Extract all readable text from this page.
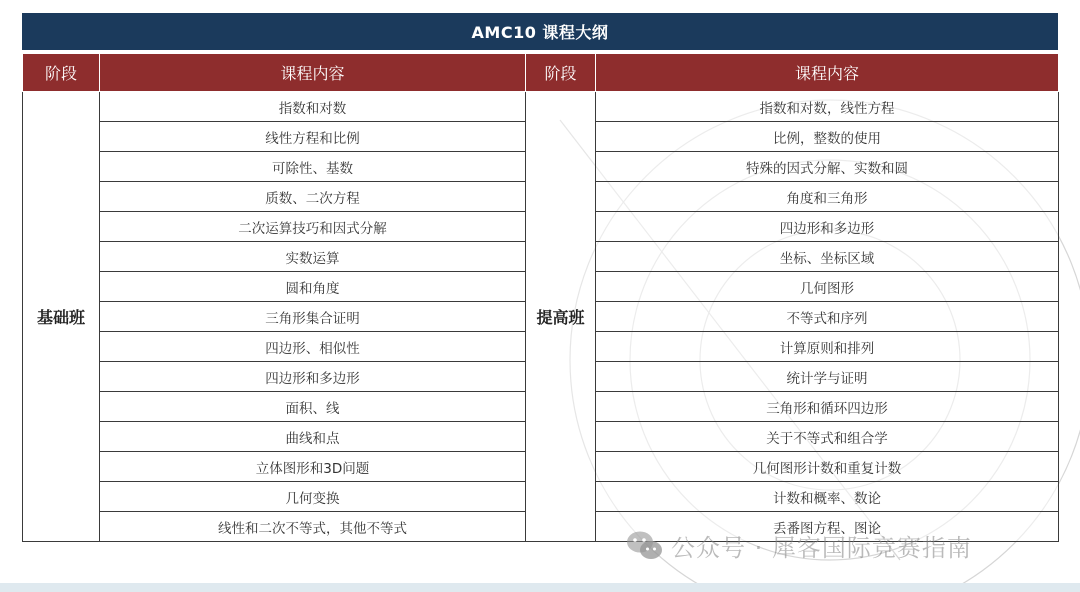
AMC10 课程大纲
阶段	课程内容	阶段	课程内容
基础班	指数和对数	提高班	指数和对数，线性方程
	线性方程和比例		比例，整数的使用
	可除性、基数		特殊的因式分解、实数和圆
	质数、二次方程		角度和三角形
	二次运算技巧和因式分解		四边形和多边形
	实数运算		坐标、坐标区域
	圆和角度		几何图形
	三角形集合证明		不等式和序列
	四边形、相似性		计算原则和排列
	四边形和多边形		统计学与证明
	面积、线		三角形和循环四边形
	曲线和点		关于不等式和组合学
	立体图形和3D问题		几何图形计数和重复计数
	几何变换		计数和概率、数论
	线性和二次不等式，其他不等式		丢番图方程、图论
公众号 · 犀客国际竞赛指南
